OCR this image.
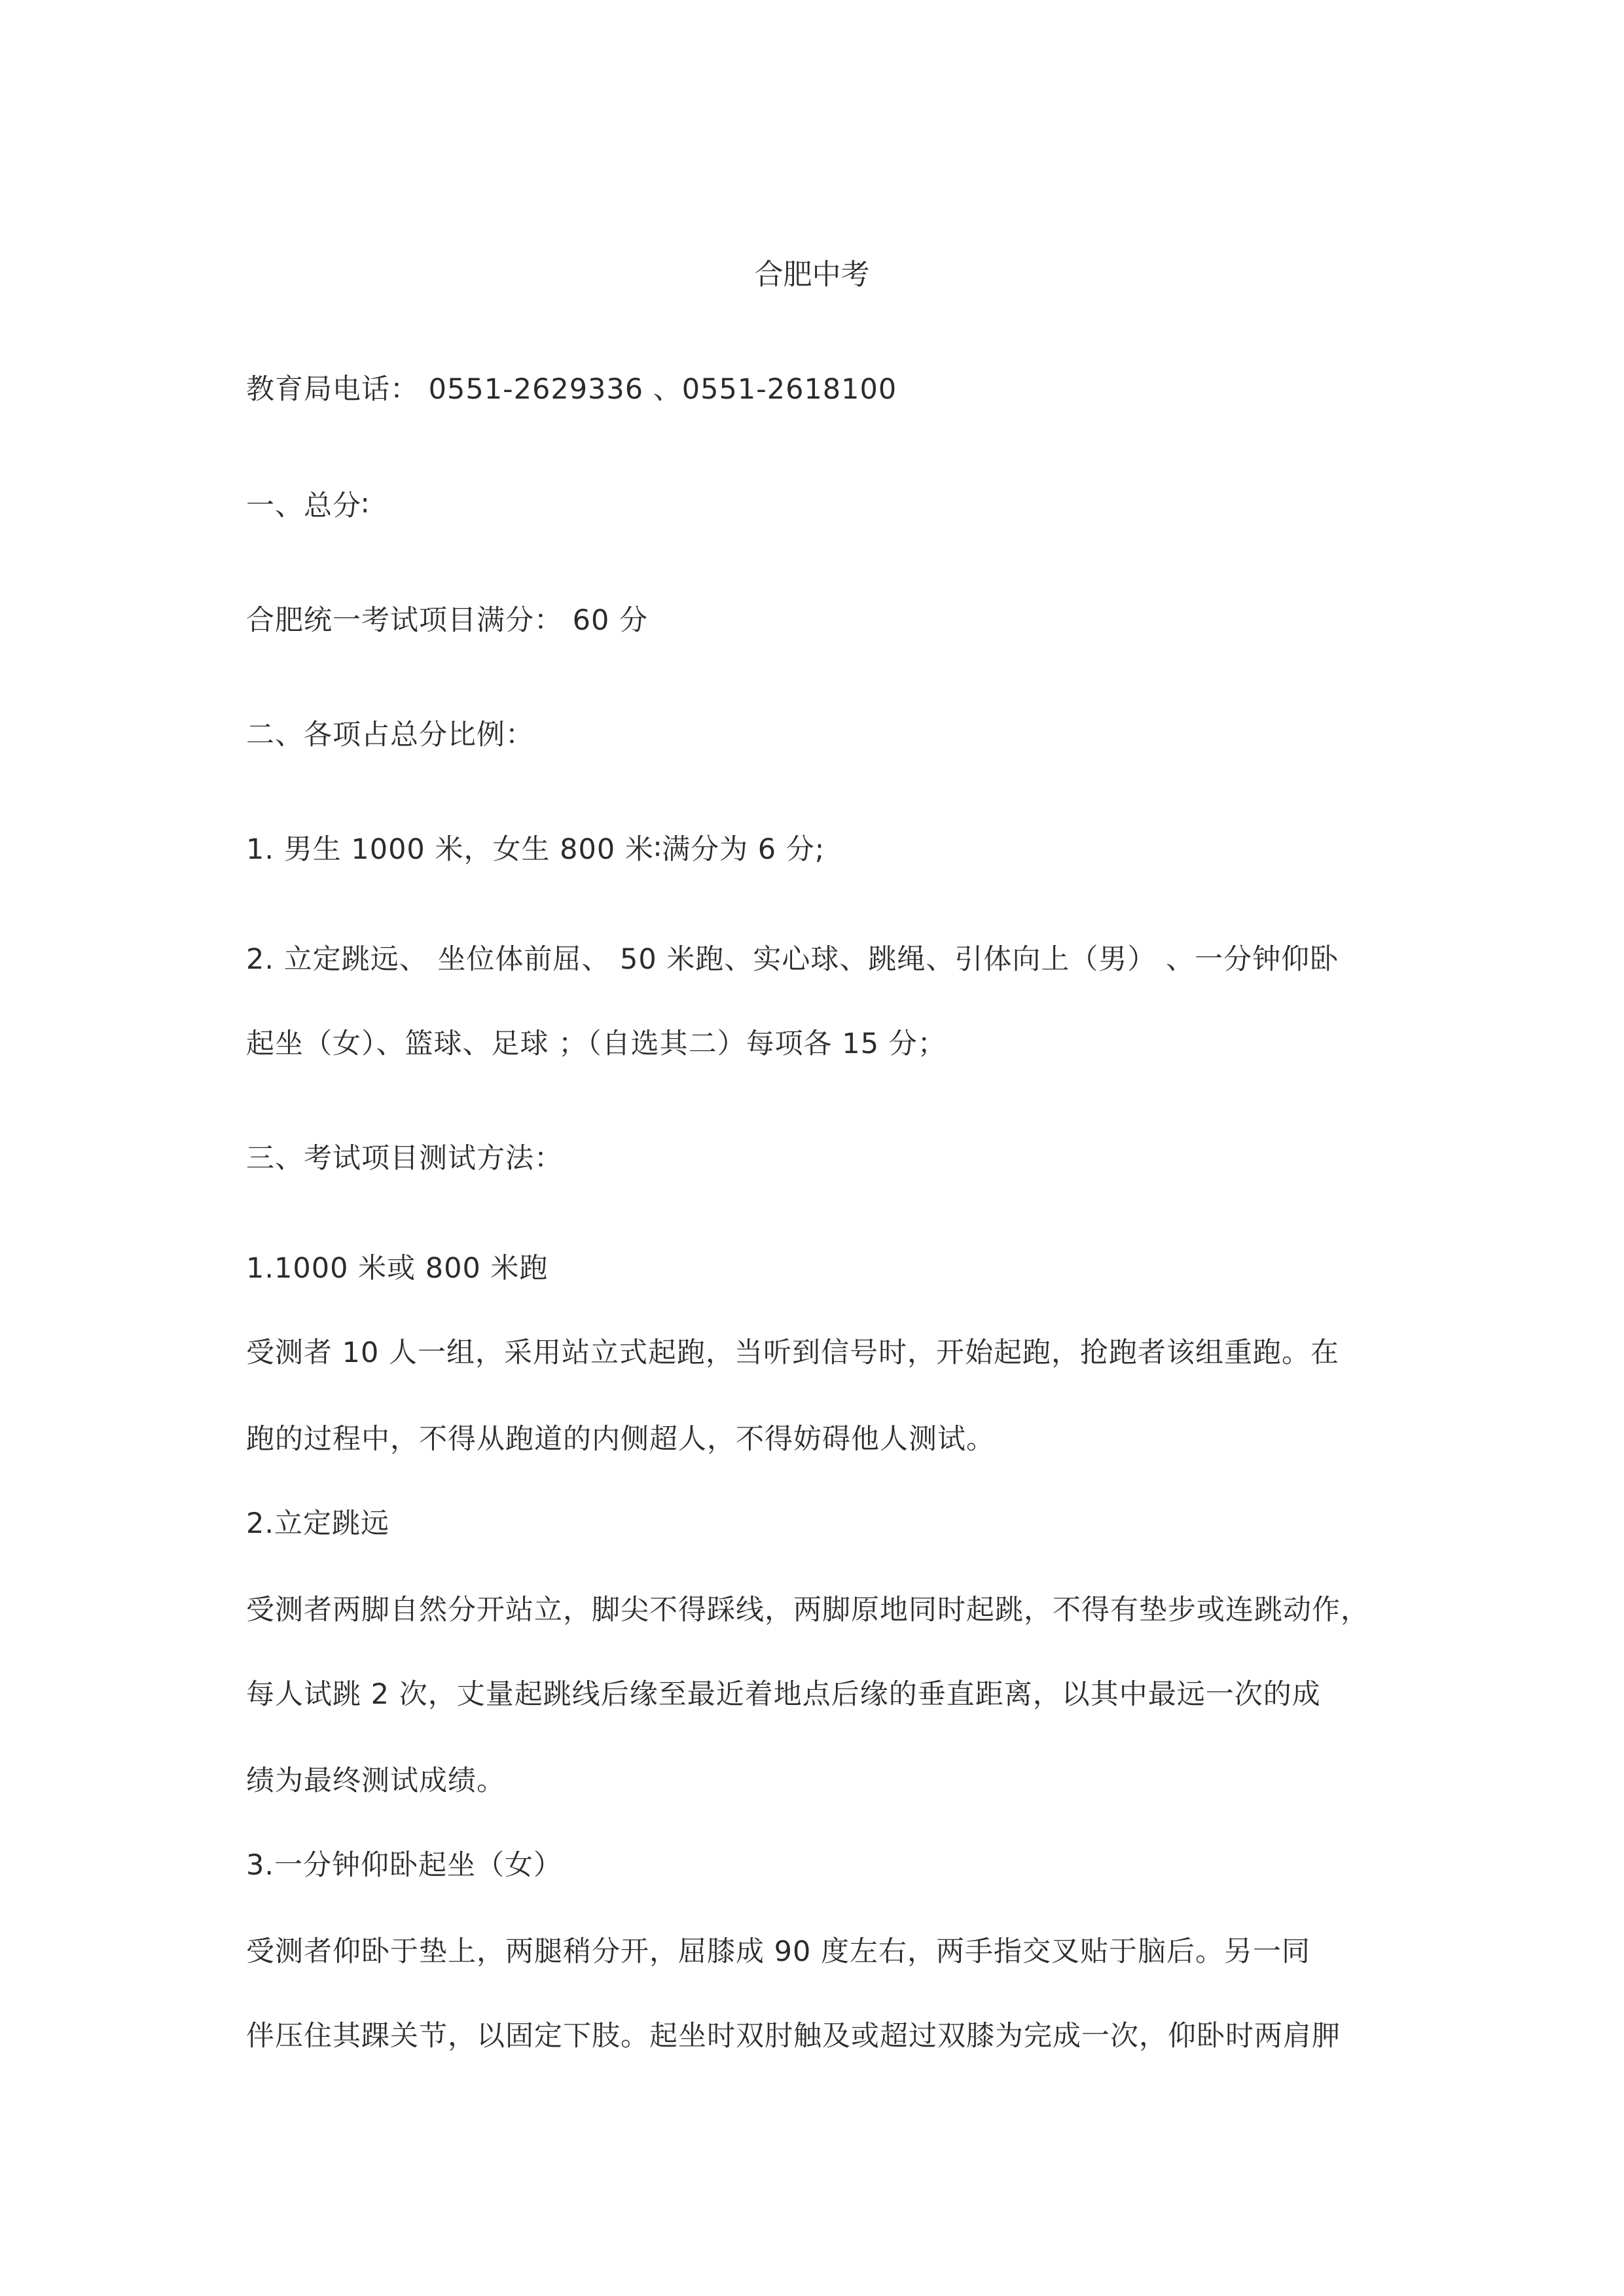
合肥中考
教育局电话： 0551-2629336 、0551-2618100
一、总分∶
合肥统一考试项目满分： 60 分
二、各项占总分比例：
1. 男生 1000 米，女生 800 米∶满分为 6 分;
2. 立定跳远、 坐位体前屈、 50 米跑、实心球、跳绳、引体向上（男） 、一分钟仰卧
起坐（女）、篮球、足球 ；（自选其二）每项各 15 分；
三、考试项目测试方法：
1.1000 米或 800 米跑
受测者 10 人一组，采用站立式起跑，当听到信号时，开始起跑，抢跑者该组重跑。在
跑的过程中，不得从跑道的内侧超人，不得妨碍他人测试。
2.立定跳远
受测者两脚自然分开站立，脚尖不得踩线，两脚原地同时起跳，不得有垫步或连跳动作，
每人试跳 2 次，丈量起跳线后缘至最近着地点后缘的垂直距离，以其中最远一次的成
绩为最终测试成绩。
3.一分钟仰卧起坐（女）
受测者仰卧于垫上，两腿稍分开，屈膝成 90 度左右，两手指交叉贴于脑后。另一同
伴压住其踝关节，以固定下肢。起坐时双肘触及或超过双膝为完成一次，仰卧时两肩胛
